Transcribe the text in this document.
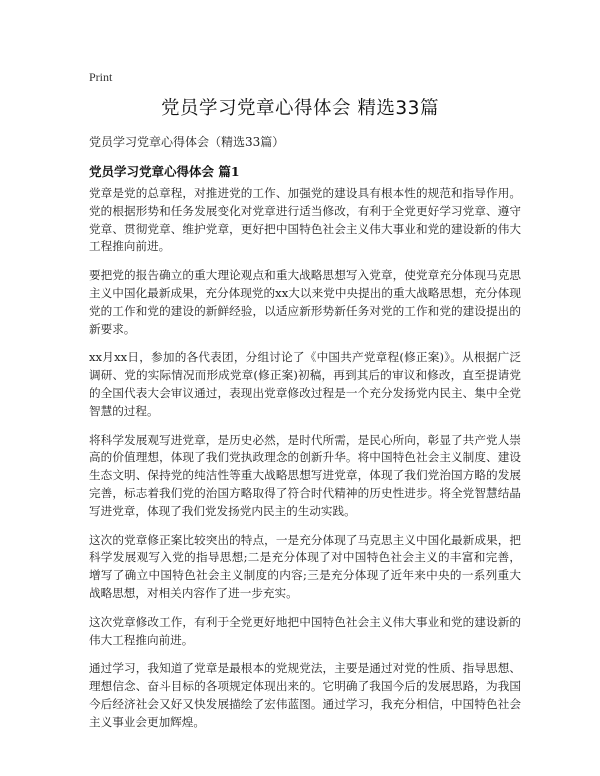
Print
党员学习党章心得体会 精选33篇
党员学习党章心得体会（精选33篇）
党员学习党章心得体会 篇1

党章是党的总章程，对推进党的工作、加强党的建设具有根本性的规范和指导作用。党的根据形势和任务发展变化对党章进行适当修改，有利于全党更好学习党章、遵守党章、贯彻党章、维护党章，更好把中国特色社会主义伟大事业和党的建设新的伟大工程推向前进。

要把党的报告确立的重大理论观点和重大战略思想写入党章，使党章充分体现马克思主义中国化最新成果，充分体现党的xx大以来党中央提出的重大战略思想，充分体现党的工作和党的建设的新鲜经验，以适应新形势新任务对党的工作和党的建设提出的新要求。

xx月xx日，参加的各代表团，分组讨论了《中国共产党章程(修正案)》。从根据广泛调研、党的实际情况而形成党章(修正案)初稿，再到其后的审议和修改，直至提请党的全国代表大会审议通过，表现出党章修改过程是一个充分发扬党内民主、集中全党智慧的过程。

将科学发展观写进党章，是历史必然，是时代所需，是民心所向，彰显了共产党人崇高的价值理想，体现了我们党执政理念的创新升华。将中国特色社会主义制度、建设生态文明、保持党的纯洁性等重大战略思想写进党章，体现了我们党治国方略的发展完善，标志着我们党的治国方略取得了符合时代精神的历史性进步。将全党智慧结晶写进党章，体现了我们党发扬党内民主的生动实践。

这次的党章修正案比较突出的特点，一是充分体现了马克思主义中国化最新成果，把科学发展观写入党的指导思想;二是充分体现了对中国特色社会主义的丰富和完善，增写了确立中国特色社会主义制度的内容;三是充分体现了近年来中央的一系列重大战略思想，对相关内容作了进一步充实。

这次党章修改工作，有利于全党更好地把中国特色社会主义伟大事业和党的建设新的伟大工程推向前进。

通过学习，我知道了党章是最根本的党规党法，主要是通过对党的性质、指导思想、理想信念、奋斗目标的各项规定体现出来的。它明确了我国今后的发展思路，为我国今后经济社会又好又快发展描绘了宏伟蓝图。通过学习，我充分相信，中国特色社会主义事业会更加辉煌。
